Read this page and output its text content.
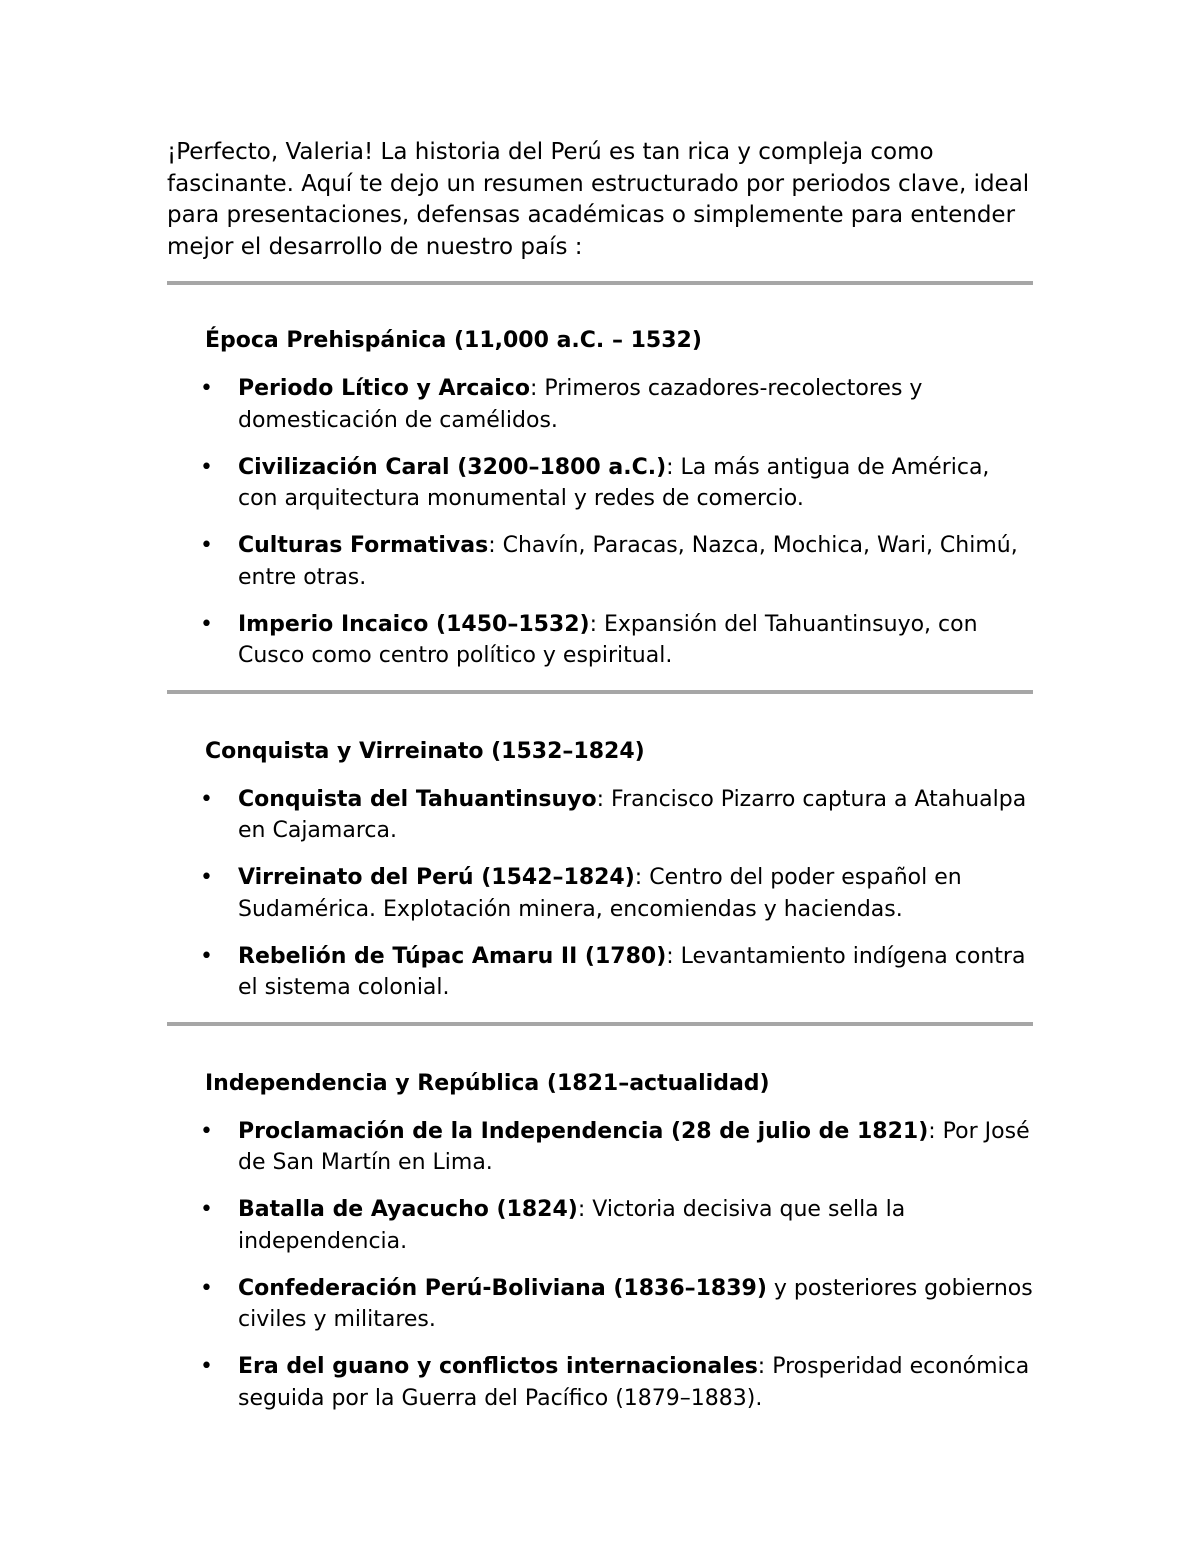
¡Perfecto, Valeria! La historia del Perú es tan rica y compleja como fascinante. Aquí te dejo un resumen estructurado por periodos clave, ideal para presentaciones, defensas académicas o simplemente para entender mejor el desarrollo de nuestro país :

Época Prehispánica (11,000 a.C. – 1532)
• Periodo Lítico y Arcaico: Primeros cazadores-recolectores y domesticación de camélidos.
• Civilización Caral (3200–1800 a.C.): La más antigua de América, con arquitectura monumental y redes de comercio.
• Culturas Formativas: Chavín, Paracas, Nazca, Mochica, Wari, Chimú, entre otras.
• Imperio Incaico (1450–1532): Expansión del Tahuantinsuyo, con Cusco como centro político y espiritual.
Conquista y Virreinato (1532–1824)
• Conquista del Tahuantinsuyo: Francisco Pizarro captura a Atahualpa en Cajamarca.
• Virreinato del Perú (1542–1824): Centro del poder español en Sudamérica. Explotación minera, encomiendas y haciendas.
• Rebelión de Túpac Amaru II (1780): Levantamiento indígena contra el sistema colonial.
Independencia y República (1821–actualidad)
• Proclamación de la Independencia (28 de julio de 1821): Por José de San Martín en Lima.
• Batalla de Ayacucho (1824): Victoria decisiva que sella la independencia.
• Confederación Perú-Boliviana (1836–1839) y posteriores gobiernos civiles y militares.
• Era del guano y conflictos internacionales: Prosperidad económica seguida por la Guerra del Pacífico (1879–1883).
